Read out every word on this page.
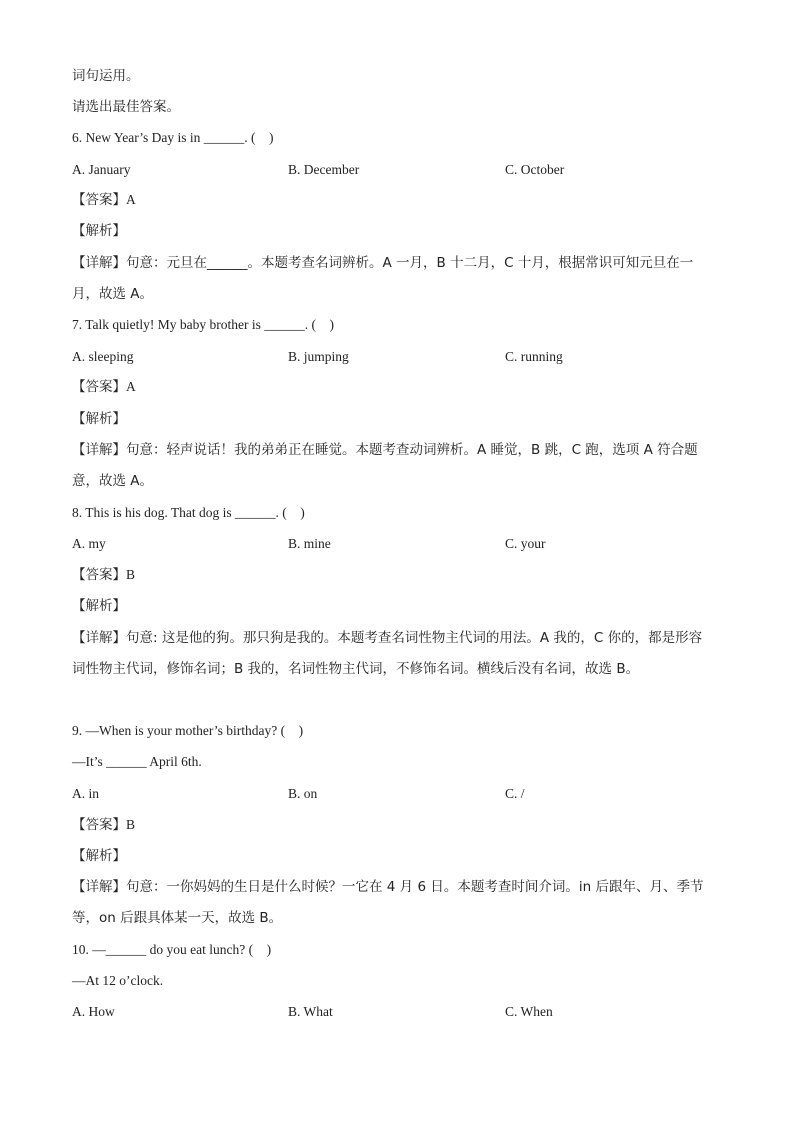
词句运用。
请选出最佳答案。
6. New Year’s Day is in ______. (　)
A. January	B. December	C. October
【答案】A
【解析】
【详解】句意：元旦在______。本题考查名词辨析。A 一月，B 十二月，C 十月，根据常识可知元旦在一
月，故选 A。
7. Talk quietly! My baby brother is ______. (　)
A. sleeping	B. jumping	C. running
【答案】A
【解析】
【详解】句意：轻声说话！我的弟弟正在睡觉。本题考查动词辨析。A 睡觉，B 跳，C 跑，选项 A 符合题
意，故选 A。
8. This is his dog. That dog is ______. (　)
A. my	B. mine	C. your
【答案】B
【解析】
【详解】句意: 这是他的狗。那只狗是我的。本题考查名词性物主代词的用法。A 我的，C 你的，都是形容
词性物主代词，修饰名词；B 我的，名词性物主代词，不修饰名词。横线后没有名词，故选 B。
9. —When is your mother’s birthday? (　)
—It’s ______ April 6th.
A. in	B. on	C. /
【答案】B
【解析】
【详解】句意：一你妈妈的生日是什么时候？一它在 4 月 6 日。本题考查时间介词。in 后跟年、月、季节
等，on 后跟具体某一天，故选 B。
10. —______ do you eat lunch? (　)
—At 12 o’clock.
A. How	B. What	C. When
